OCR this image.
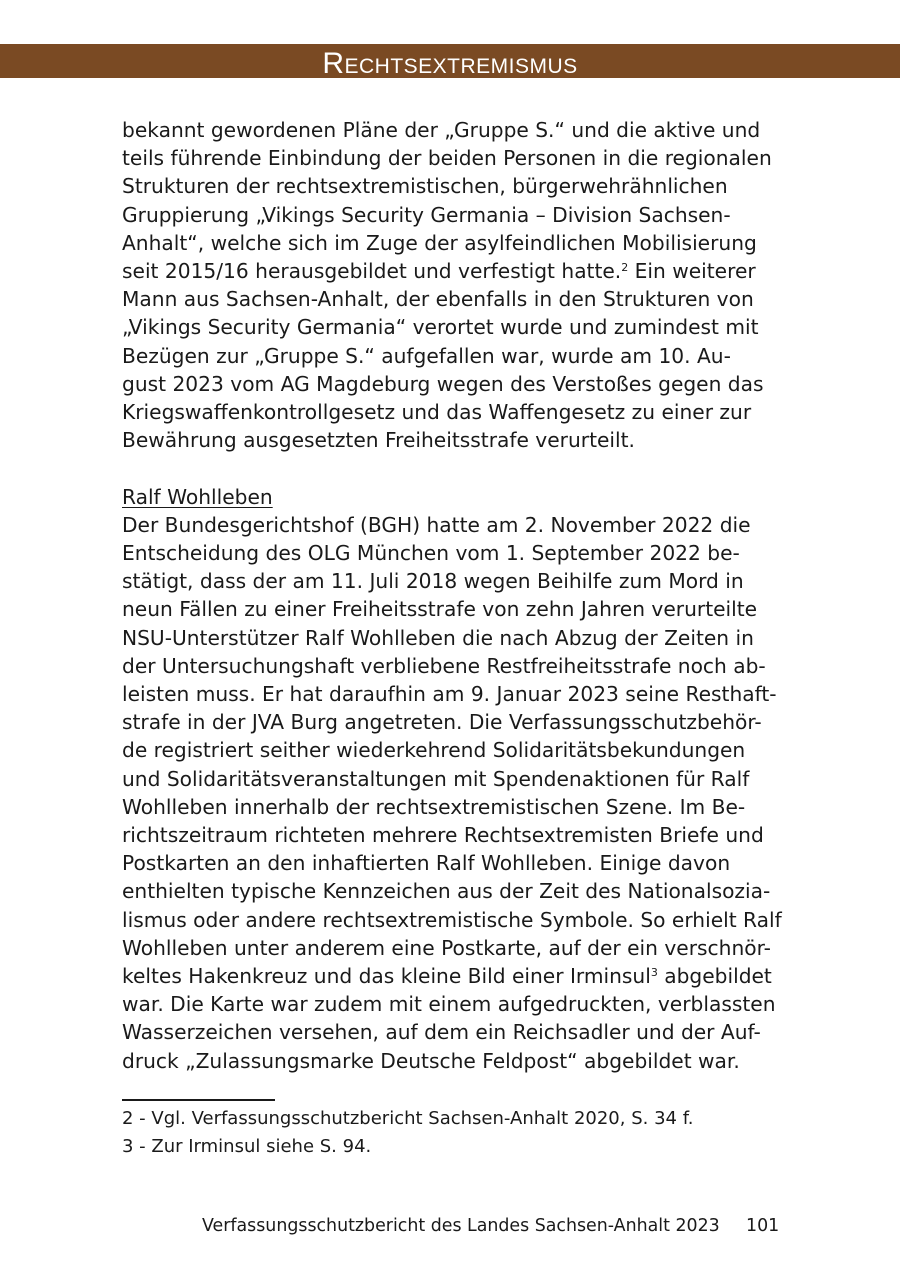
Rechtsextremismus
bekannt gewordenen Pläne der „Gruppe S.“ und die aktive und
teils führende Einbindung der beiden Personen in die regionalen
Strukturen der rechtsextremistischen, bürgerwehrähnlichen
Gruppierung „Vikings Security Germania – Division Sachsen-
Anhalt“, welche sich im Zuge der asylfeindlichen Mobilisierung
seit 2015/16 herausgebildet und verfestigt hatte.$^2$ Ein weiterer
Mann aus Sachsen-Anhalt, der ebenfalls in den Strukturen von
„Vikings Security Germania“ verortet wurde und zumindest mit
Bezügen zur „Gruppe S.“ aufgefallen war, wurde am 10. Au-
gust 2023 vom AG Magdeburg wegen des Verstoßes gegen das
Kriegswaffenkontrollgesetz und das Waffengesetz zu einer zur
Bewährung ausgesetzten Freiheitsstrafe verurteilt.
Ralf Wohlleben
Der Bundesgerichtshof (BGH) hatte am 2. November 2022 die
Entscheidung des OLG München vom 1. September 2022 be-
stätigt, dass der am 11. Juli 2018 wegen Beihilfe zum Mord in
neun Fällen zu einer Freiheitsstrafe von zehn Jahren verurteilte
NSU-Unterstützer Ralf Wohlleben die nach Abzug der Zeiten in
der Untersuchungshaft verbliebene Restfreiheitsstrafe noch ab-
leisten muss. Er hat daraufhin am 9. Januar 2023 seine Resthaft-
strafe in der JVA Burg angetreten. Die Verfassungsschutzbehör-
de registriert seither wiederkehrend Solidaritätsbekundungen
und Solidaritätsveranstaltungen mit Spendenaktionen für Ralf
Wohlleben innerhalb der rechtsextremistischen Szene. Im Be-
richtszeitraum richteten mehrere Rechtsextremisten Briefe und
Postkarten an den inhaftierten Ralf Wohlleben. Einige davon
enthielten typische Kennzeichen aus der Zeit des Nationalsozia-
lismus oder andere rechtsextremistische Symbole. So erhielt Ralf
Wohlleben unter anderem eine Postkarte, auf der ein verschnör-
keltes Hakenkreuz und das kleine Bild einer Irminsul$^3$ abgebildet
war. Die Karte war zudem mit einem aufgedruckten, verblassten
Wasserzeichen versehen, auf dem ein Reichsadler und der Auf-
druck „Zulassungsmarke Deutsche Feldpost“ abgebildet war.
2 - Vgl. Verfassungsschutzbericht Sachsen-Anhalt 2020, S. 34 f.
3 - Zur Irminsul siehe S. 94.
Verfassungsschutzbericht des Landes Sachsen-Anhalt 2023 101
